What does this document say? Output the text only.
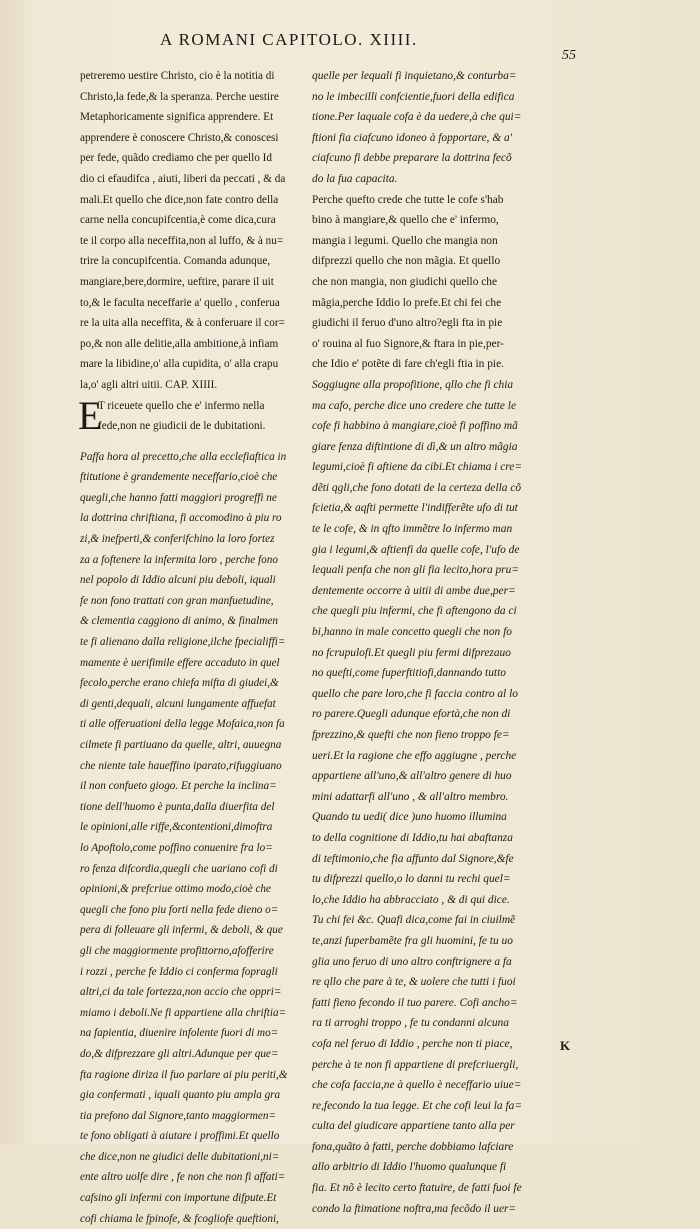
A ROMANI CAPITOLO. XIIII.
55
petreremo uestire Christo, cio è la notitia di
Christo,la fede,& la speranza. Perche uestire
Metaphoricamente significa apprendere. Et
apprendere è conoscere Christo,& conoscesi
per fede, quãdo crediamo che per quello Id
dio ci efaudifca , aiuti, liberi da peccati , & da
mali.Et quello che dice,non fate contro della
carne nella concupifcentia,è come dica,cura
te il corpo alla neceffita,non al luffo, & à nu=
trire la concupifcentia. Comanda adunque,
mangiare,bere,dormire, ueftire, parare il uit
to,& le faculta neceffarie a' quello , conferua
re la uita alla neceffita, & à conferuare il cor=
po,& non alle delitie,alla ambitione,à infiam
mare la libidine,o' alla cupidita, o' alla crapu
la,o' agli altri uitii. CAP. XIIII.
E
T riceuete quello che e' infermo nella
fede,non ne giudicii de le dubitationi.
Paffa hora al precetto,che alla ecclefiaftica in
ftitutione è grandemente neceffario,cioè che
quegli,che hanno fatti maggiori progreffi ne
la dottrina chriftiana, fi accomodino à piu ro
zi,& inefperti,& conferifchino la loro fortez
za a foftenere la infermita loro , perche fono
nel popolo di Iddio alcuni piu deboli, iquali
fe non fono trattati con gran manfuetudine,
& clementia caggiono di animo, & finalmen
te fi alienano dalla religione,ilche fpecialiffi=
mamente è uerifimile effere accaduto in quel
fecolo,perche erano chiefa mifta di giudei,&
di genti,dequali, alcuni lungamente affuefat
ti alle offeruationi della legge Mofaica,non fa
cilmete fi partiuano da quelle, altri, auuegna
che niente tale haueffino iparato,rifuggiuano
il non confueto giogo. Et perche la inclina=
tione dell'huomo è punta,dalla diuerfita del
le opinioni,alle riffe,&contentioni,dimoftra
lo Apoftolo,come poffino conuenire fra lo=
ro fenza difcordia,quegli che uariano cofi di
opinioni,& prefcriue ottimo modo,cioè che
quegli che fono piu forti nella fede dieno o=
pera di folleuare gli infermi, & deboli, & que
gli che maggiormente profittorno,afofferire
i rozzi , perche fe Iddio ci conferma fopragli
altri,ci da tale fortezza,non accio che oppri=
miamo i deboli.Ne fi appartiene alla chriftia=
na fapientia, diuenire infolente fuori di mo=
do,& difprezzare gli altri.Adunque per que=
fta ragione diriza il fuo parlare ai piu periti,&
gia confermati , iquali quanto piu ampla gra
tia prefono dal Signore,tanto maggiormen=
te fono obligati à aiutare i proffimi.Et quello
che dice,non ne giudici delle dubitationi,ni=
ente altro uolfe dire , fe non che non fi affati=
cafsino gli infermi con importune difpute.Et
cofi chiama le fpinofe, & fcogliofe queftioni,
quelle per lequali fi inquietano,& conturba=
no le imbecilli confcientie,fuori della edifica
tione.Per laquale cofa è da uedere,à che qui=
ftioni fia ciafcuno idoneo à fopportare, & a'
ciafcuno fi debbe preparare la dottrina fecõ
do la fua capacita.
Perche quefto crede che tutte le cofe s'hab
bino à mangiare,& quello che e' infermo,
mangia i legumi. Quello che mangia non
difprezzi quello che non mãgia. Et quello
che non mangia, non giudichi quello che
mãgia,perche Iddio lo prefe.Et chi fei che
giudichi il feruo d'uno altro?egli fta in pie
o' rouina al fuo Signore,& ftara in pie,per-
che Idio e' potẽte di fare ch'egli ftia in pie.
Soggiugne alla propofitione, qllo che fi chia
ma cafo, perche dice uno credere che tutte le
cofe fi habbino à mangiare,cioè fi poffino mã
giare fenza diftintione di dì,& un altro mãgia
legumi,cioè fi aftiene da cibi.Et chiama i cre=
dẽti qgli,che fono dotati de la certeza della cõ
fcietia,& aqfti permette l'indifferẽte ufo di tut
te le cofe, & in qfto immẽtre lo infermo man
gia i legumi,& aftienfi da quelle cofe, l'ufo de
lequali penfa che non gli fia lecito,hora pru=
dentemente occorre à uitii di ambe due,per=
che quegli piu infermi, che fi aftengono da ci
bi,hanno in male concetto quegli che non fo
no fcrupulofi.Et quegli piu fermi difprezauo
no quefti,come fuperftitiofi,dannando tutto
quello che pare loro,che fi faccia contro al lo
ro parere.Quegli adunque efortà,che non di
fprezzino,& quefti che non fieno troppo fe=
ueri.Et la ragione che effo aggiugne , perche
appartiene all'uno,& all'altro genere di huo
mini adattarfi all'uno , & all'altro membro.
Quando tu uedi( dice )uno huomo illumina
to della cognitione di Iddio,tu hai abaftanza
di teftimonio,che fia affunto dal Signore,&fe
tu difprezzi quello,o lo danni tu rechi quel=
lo,che Iddio ha abbracciato , & di qui dice.
Tu chi fei &c. Quafi dica,come fai in ciuilmẽ
te,anzi fuperbamẽte fra gli huomini, fe tu uo
glia uno feruo di uno altro conftrignere a fa
re qllo che pare à te, & uolere che tutti i fuoi
fatti fieno fecondo il tuo parere. Cofi ancho=
ra ti arroghi troppo , fe tu condanni alcuna
cofa nel feruo di Iddio , perche non ti piace,
perche à te non fi appartiene di prefcriuergli,
che cofa faccia,ne à quello è neceffario uiue=
re,fecondo la tua legge. Et che cofi leui la fa=
culta del giudicare appartiene tanto alla per
fona,quãto à fatti, perche dobbiamo lafciare
allo arbitrio di Iddio l'huomo qualunque fi
fia. Et nõ è lecito certo ftatuire, de fatti fuoi fe
condo la ftimatione noftra,ma fecõdo il uer=
K
